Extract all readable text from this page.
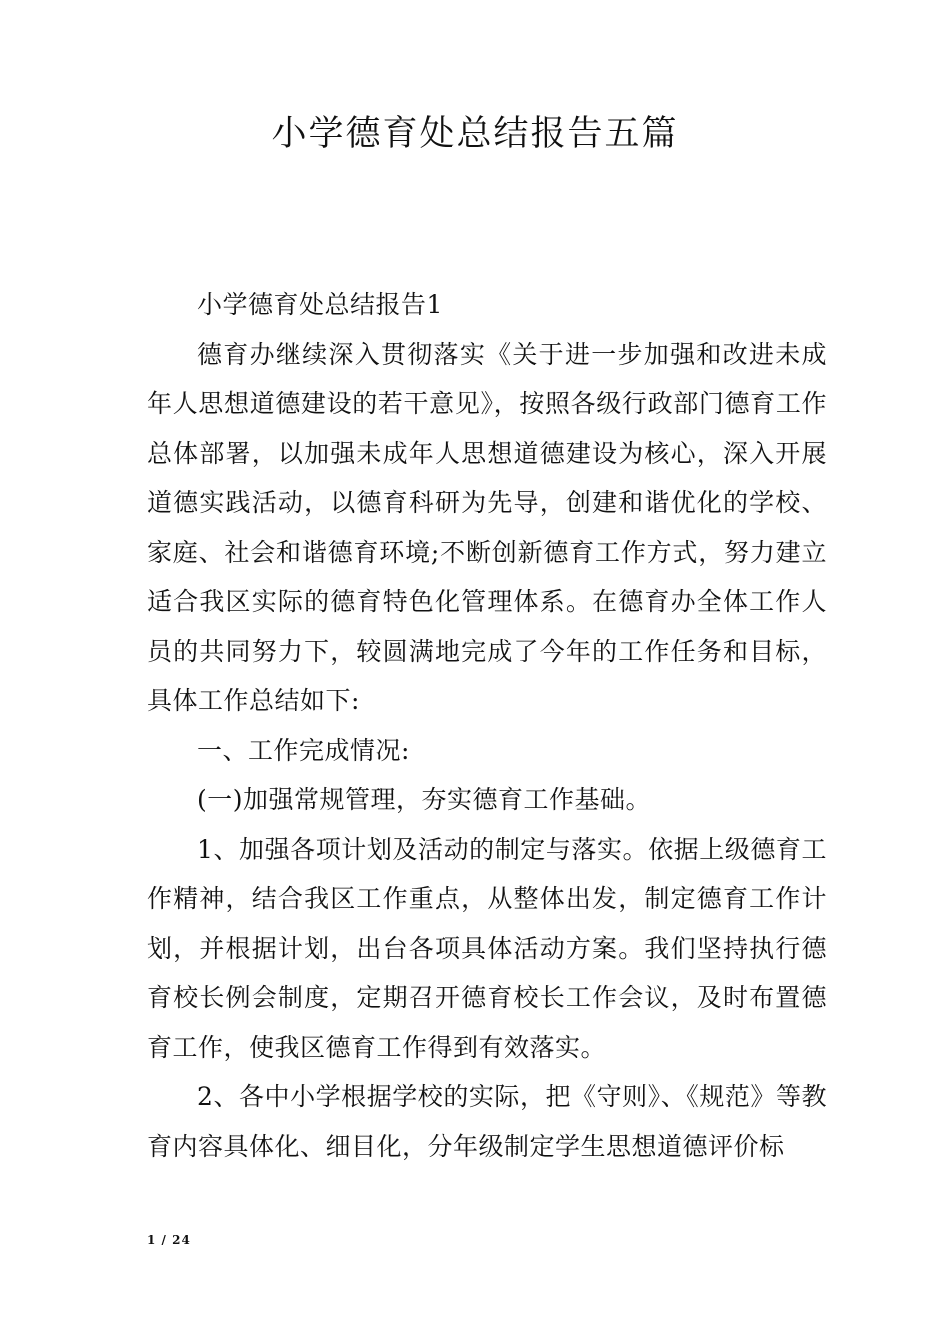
小学德育处总结报告五篇

小学德育处总结报告1

德育办继续深入贯彻落实《关于进一步加强和改进未成年人思想道德建设的若干意见》，按照各级行政部门德育工作总体部署，以加强未成年人思想道德建设为核心，深入开展道德实践活动，以德育科研为先导，创建和谐优化的学校、家庭、社会和谐德育环境;不断创新德育工作方式，努力建立适合我区实际的德育特色化管理体系。在德育办全体工作人员的共同努力下，较圆满地完成了今年的工作任务和目标，具体工作总结如下:

一、工作完成情况:

(一)加强常规管理，夯实德育工作基础。

1、加强各项计划及活动的制定与落实。依据上级德育工作精神，结合我区工作重点，从整体出发，制定德育工作计划，并根据计划，出台各项具体活动方案。我们坚持执行德育校长例会制度，定期召开德育校长工作会议，及时布置德育工作，使我区德育工作得到有效落实。

2、各中小学根据学校的实际，把《守则》、《规范》等教育内容具体化、细目化，分年级制定学生思想道德评价标

1 / 24
